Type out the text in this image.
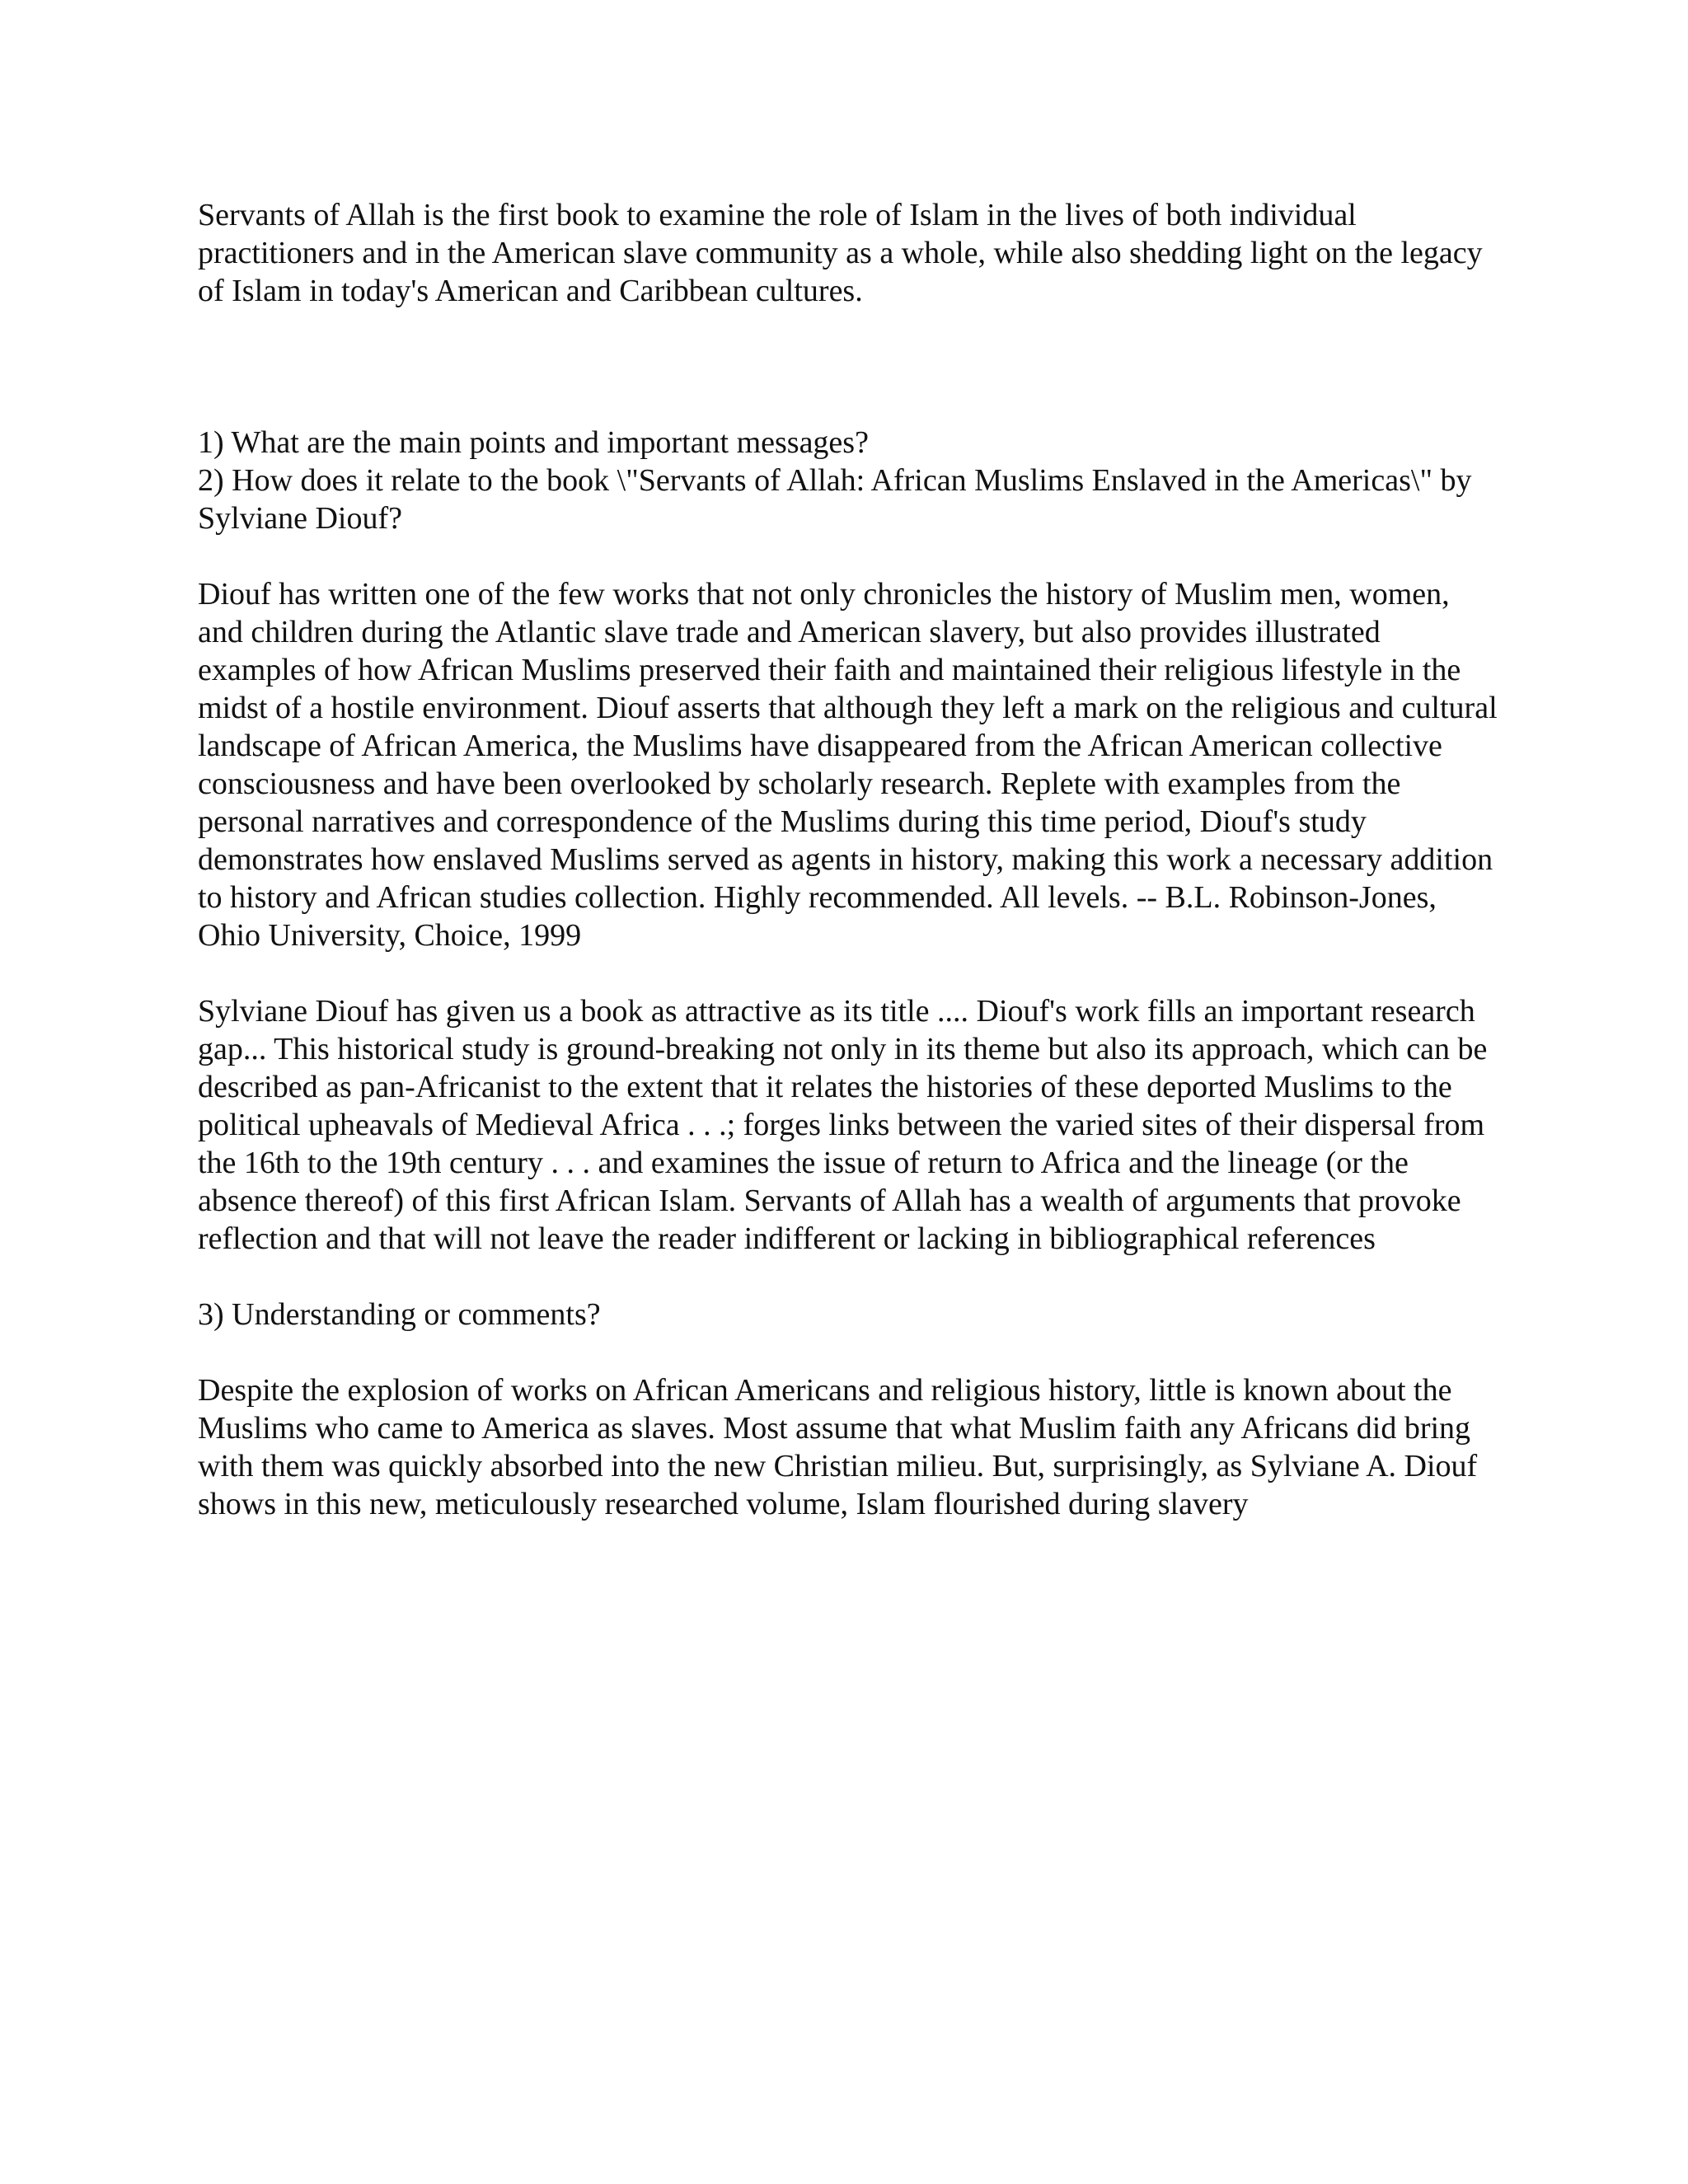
Servants of Allah is the first book to examine the role of Islam in the lives of both individual practitioners and in the American slave community as a whole, while also shedding light on the legacy of Islam in today's American and Caribbean cultures.

1) What are the main points and important messages?

2) How does it relate to the book \"Servants of Allah: African Muslims Enslaved in the Americas\" by Sylviane Diouf?

Diouf has written one of the few works that not only chronicles the history of Muslim men, women, and children during the Atlantic slave trade and American slavery, but also provides illustrated examples of how African Muslims preserved their faith and maintained their religious lifestyle in the midst of a hostile environment. Diouf asserts that although they left a mark on the religious and cultural landscape of African America, the Muslims have disappeared from the African American collective consciousness and have been overlooked by scholarly research. Replete with examples from the personal narratives and correspondence of the Muslims during this time period, Diouf's study demonstrates how enslaved Muslims served as agents in history, making this work a necessary addition to history and African studies collection. Highly recommended. All levels. -- B.L. Robinson-Jones, Ohio University, Choice, 1999

Sylviane Diouf has given us a book as attractive as its title .... Diouf's work fills an important research gap... This historical study is ground-breaking not only in its theme but also its approach, which can be described as pan-Africanist to the extent that it relates the histories of these deported Muslims to the political upheavals of Medieval Africa . . .; forges links between the varied sites of their dispersal from the 16th to the 19th century . . . and examines the issue of return to Africa and the lineage (or the absence thereof) of this first African Islam. Servants of Allah has a wealth of arguments that provoke reflection and that will not leave the reader indifferent or lacking in bibliographical references

3) Understanding or comments?

Despite the explosion of works on African Americans and religious history, little is known about the Muslims who came to America as slaves. Most assume that what Muslim faith any Africans did bring with them was quickly absorbed into the new Christian milieu. But, surprisingly, as Sylviane A. Diouf shows in this new, meticulously researched volume, Islam flourished during slavery
